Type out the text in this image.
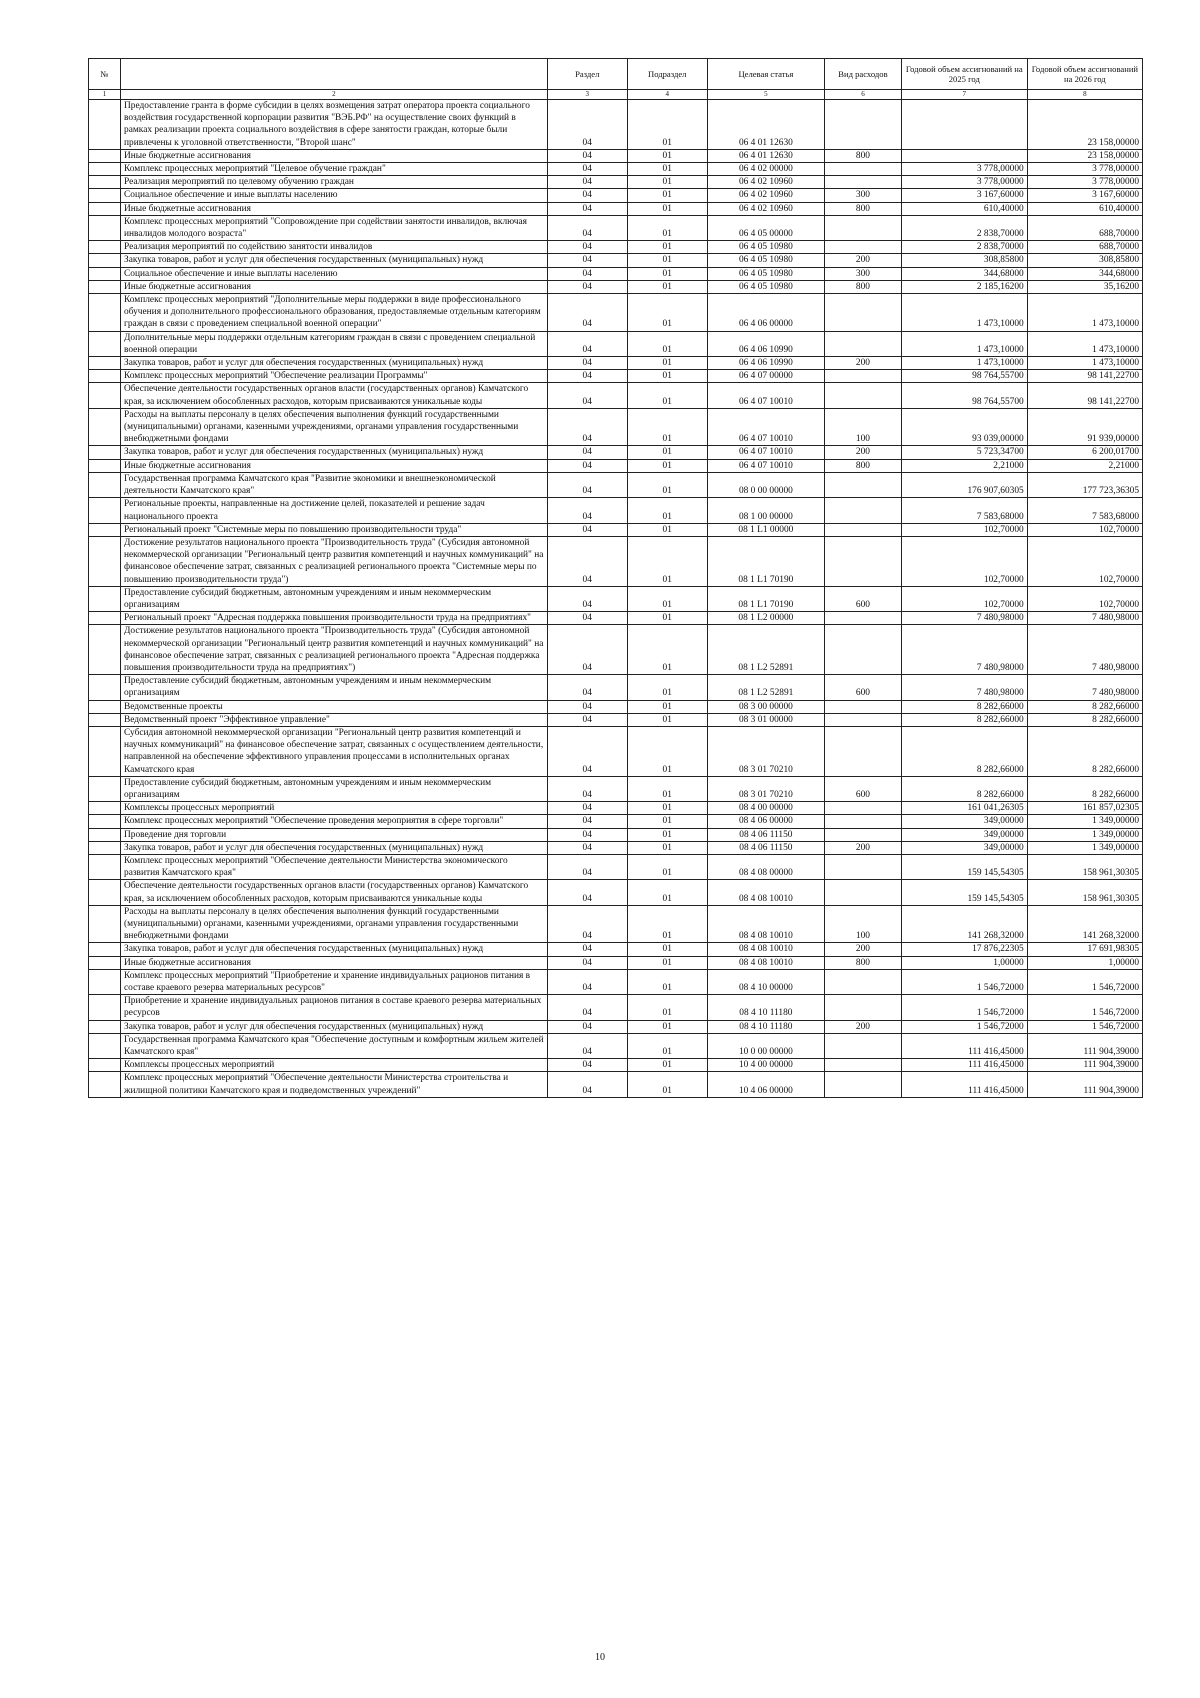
№		Раздел	Подраздел	Целевая статья	Вид расходов	Годовой объем ассигнований на 2025 год	Годовой объем ассигнований на 2026 год
1	2	3	4	5	6	7	8
	Предоставление гранта в форме субсидии в целях возмещения затрат оператора проекта социального воздействия государственной корпорации развития "ВЭБ.РФ" на осуществление своих функций в рамках реализации проекта социального воздействия в сфере занятости граждан, которые были привлечены к уголовной ответственности, "Второй шанс"	04	01	06 4 01 12630			23 158,00000
	Иные бюджетные ассигнования	04	01	06 4 01 12630	800		23 158,00000
	Комплекс процессных мероприятий "Целевое обучение граждан"	04	01	06 4 02 00000		3 778,00000	3 778,00000
	Реализация мероприятий по целевому обучению граждан	04	01	06 4 02 10960		3 778,00000	3 778,00000
	Социальное обеспечение и иные выплаты населению	04	01	06 4 02 10960	300	3 167,60000	3 167,60000
	Иные бюджетные ассигнования	04	01	06 4 02 10960	800	610,40000	610,40000
	Комплекс процессных мероприятий "Сопровождение при содействии занятости инвалидов, включая инвалидов молодого возраста"	04	01	06 4 05 00000		2 838,70000	688,70000
	Реализация мероприятий по содействию занятости инвалидов	04	01	06 4 05 10980		2 838,70000	688,70000
	Закупка товаров, работ и услуг для обеспечения государственных (муниципальных) нужд	04	01	06 4 05 10980	200	308,85800	308,85800
	Социальное обеспечение и иные выплаты населению	04	01	06 4 05 10980	300	344,68000	344,68000
	Иные бюджетные ассигнования	04	01	06 4 05 10980	800	2 185,16200	35,16200
	Комплекс процессных мероприятий "Дополнительные меры поддержки в виде профессионального обучения и дополнительного профессионального образования, предоставляемые отдельным категориям граждан в связи с проведением специальной военной операции"	04	01	06 4 06 00000		1 473,10000	1 473,10000
	Дополнительные меры поддержки отдельным категориям граждан в связи с проведением специальной военной операции	04	01	06 4 06 10990		1 473,10000	1 473,10000
	Закупка товаров, работ и услуг для обеспечения государственных (муниципальных) нужд	04	01	06 4 06 10990	200	1 473,10000	1 473,10000
	Комплекс процессных мероприятий "Обеспечение реализации Программы"	04	01	06 4 07 00000		98 764,55700	98 141,22700
	Обеспечение деятельности государственных органов власти (государственных органов) Камчатского края, за исключением обособленных расходов, которым присваиваются уникальные коды	04	01	06 4 07 10010		98 764,55700	98 141,22700
	Расходы на выплаты персоналу в целях обеспечения выполнения функций государственными (муниципальными) органами, казенными учреждениями, органами управления государственными внебюджетными фондами	04	01	06 4 07 10010	100	93 039,00000	91 939,00000
	Закупка товаров, работ и услуг для обеспечения государственных (муниципальных) нужд	04	01	06 4 07 10010	200	5 723,34700	6 200,01700
	Иные бюджетные ассигнования	04	01	06 4 07 10010	800	2,21000	2,21000
	Государственная программа Камчатского края "Развитие экономики и внешнеэкономической деятельности Камчатского края"	04	01	08 0 00 00000		176 907,60305	177 723,36305
	Региональные проекты, направленные на достижение целей, показателей и решение задач национального проекта	04	01	08 1 00 00000		7 583,68000	7 583,68000
	Региональный проект "Системные меры по повышению производительности труда"	04	01	08 1 L1 00000		102,70000	102,70000
	Достижение результатов национального проекта "Производительность труда" (Субсидия автономной некоммерческой организации "Региональный центр развития компетенций и научных коммуникаций" на финансовое обеспечение затрат, связанных с реализацией регионального проекта "Системные меры по повышению производительности труда")	04	01	08 1 L1 70190		102,70000	102,70000
	Предоставление субсидий бюджетным, автономным учреждениям и иным некоммерческим организациям	04	01	08 1 L1 70190	600	102,70000	102,70000
	Региональный проект "Адресная поддержка повышения производительности труда на предприятиях"	04	01	08 1 L2 00000		7 480,98000	7 480,98000
	Достижение результатов национального проекта "Производительность труда" (Субсидия автономной некоммерческой организации "Региональный центр развития компетенций и научных коммуникаций" на финансовое обеспечение затрат, связанных с реализацией регионального проекта "Адресная поддержка повышения производительности труда на предприятиях")	04	01	08 1 L2 52891		7 480,98000	7 480,98000
	Предоставление субсидий бюджетным, автономным учреждениям и иным некоммерческим организациям	04	01	08 1 L2 52891	600	7 480,98000	7 480,98000
	Ведомственные проекты	04	01	08 3 00 00000		8 282,66000	8 282,66000
	Ведомственный проект "Эффективное управление"	04	01	08 3 01 00000		8 282,66000	8 282,66000
	Субсидия автономной некоммерческой организации "Региональный центр развития компетенций и научных коммуникаций" на финансовое обеспечение затрат, связанных с осуществлением деятельности, направленной на обеспечение эффективного управления процессами в исполнительных органах Камчатского края	04	01	08 3 01 70210		8 282,66000	8 282,66000
	Предоставление субсидий бюджетным, автономным учреждениям и иным некоммерческим организациям	04	01	08 3 01 70210	600	8 282,66000	8 282,66000
	Комплексы процессных мероприятий	04	01	08 4 00 00000		161 041,26305	161 857,02305
	Комплекс процессных мероприятий "Обеспечение проведения мероприятия в сфере торговли"	04	01	08 4 06 00000		349,00000	1 349,00000
	Проведение дня торговли	04	01	08 4 06 11150		349,00000	1 349,00000
	Закупка товаров, работ и услуг для обеспечения государственных (муниципальных) нужд	04	01	08 4 06 11150	200	349,00000	1 349,00000
	Комплекс процессных мероприятий "Обеспечение деятельности Министерства экономического развития Камчатского края"	04	01	08 4 08 00000		159 145,54305	158 961,30305
	Обеспечение деятельности государственных органов власти (государственных органов) Камчатского края, за исключением обособленных расходов, которым присваиваются уникальные коды	04	01	08 4 08 10010		159 145,54305	158 961,30305
	Расходы на выплаты персоналу в целях обеспечения выполнения функций государственными (муниципальными) органами, казенными учреждениями, органами управления государственными внебюджетными фондами	04	01	08 4 08 10010	100	141 268,32000	141 268,32000
	Закупка товаров, работ и услуг для обеспечения государственных (муниципальных) нужд	04	01	08 4 08 10010	200	17 876,22305	17 691,98305
	Иные бюджетные ассигнования	04	01	08 4 08 10010	800	1,00000	1,00000
	Комплекс процессных мероприятий "Приобретение и хранение индивидуальных рационов питания в составе краевого резерва материальных ресурсов"	04	01	08 4 10 00000		1 546,72000	1 546,72000
	Приобретение и хранение индивидуальных рационов питания в составе краевого резерва материальных ресурсов	04	01	08 4 10 11180		1 546,72000	1 546,72000
	Закупка товаров, работ и услуг для обеспечения государственных (муниципальных) нужд	04	01	08 4 10 11180	200	1 546,72000	1 546,72000
	Государственная программа Камчатского края "Обеспечение доступным и комфортным жильем жителей Камчатского края"	04	01	10 0 00 00000		111 416,45000	111 904,39000
	Комплексы процессных мероприятий	04	01	10 4 00 00000		111 416,45000	111 904,39000
	Комплекс процессных мероприятий "Обеспечение деятельности Министерства строительства и жилищной политики Камчатского края и подведомственных учреждений"	04	01	10 4 06 00000		111 416,45000	111 904,39000
10
